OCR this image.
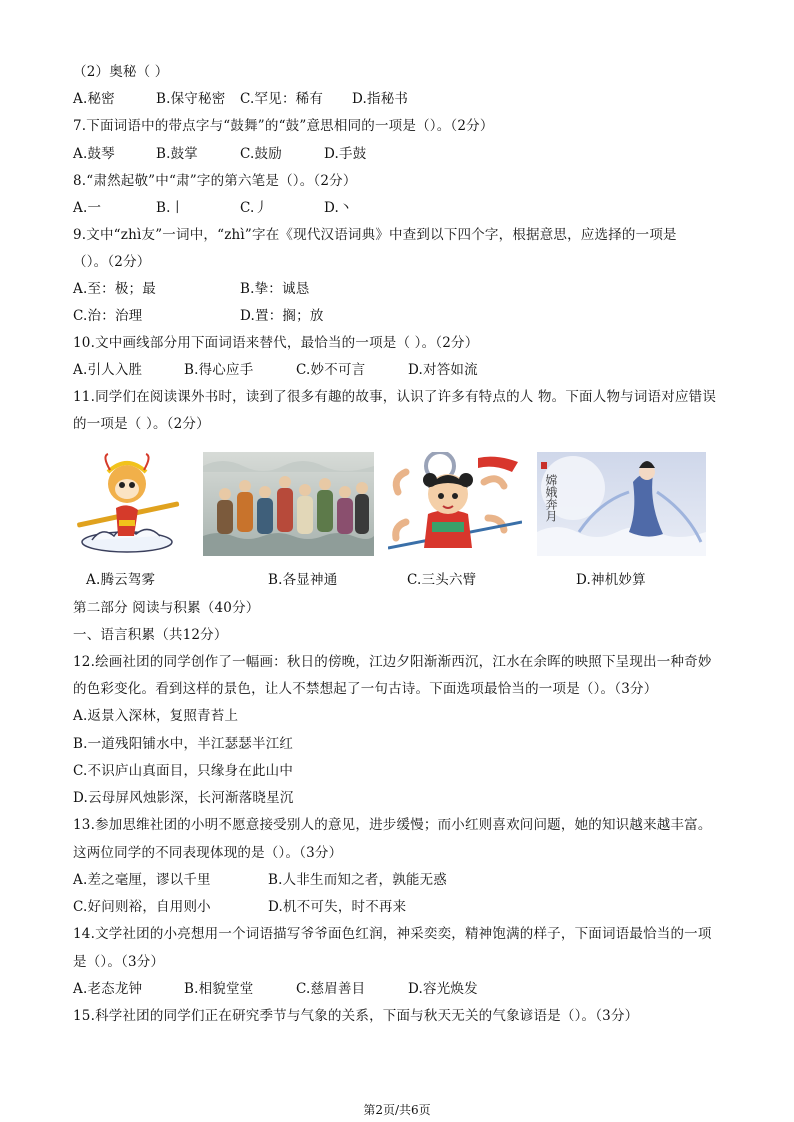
（2）奥秘（ ）
A.秘密	B.保守秘密 C.罕见：稀有 D.指秘书
7.下面词语中的带点字与“鼓舞”的“鼓”意思相同的一项是（）。（2分）
A.鼓琴	B.鼓掌	C.鼓励	D.手鼓
8.“肃然起敬”中“肃”字的第六笔是（）。（2分）
A.一	B.丨	C.丿	D.丶
9.文中“zhì友”一词中，“zhì”字在《现代汉语词典》中查到以下四个字，根据意思，应选择的一项是
（）。（2分）
A.至：极；最	B.挚：诚恳
C.治：治理	D.置：搁；放
10.文中画线部分用下面词语来替代，最恰当的一项是（ ）。（2分）
A.引人入胜	B.得心应手	C.妙不可言	D.对答如流
11.同学们在阅读课外书时，读到了很多有趣的故事，认识了许多有特点的人 物。下面人物与词语对应错误
的一项是（ ）。（2分）
嫦娥奔月
A.腾云驾雾	B.各显神通	C.三头六臂	D.神机妙算
第二部分 阅读与积累（40分）
一、语言积累（共12分）
12.绘画社团的同学创作了一幅画：秋日的傍晚，江边夕阳渐渐西沉，江水在余晖的映照下呈现出一种奇妙
的色彩变化。看到这样的景色，让人不禁想起了一句古诗。下面选项最恰当的一项是（）。（3分）
A.返景入深林，复照青苔上
B.一道残阳铺水中，半江瑟瑟半江红
C.不识庐山真面目，只缘身在此山中
D.云母屏风烛影深，长河渐落晓星沉
13.参加思维社团的小明不愿意接受别人的意见，进步缓慢；而小红则喜欢问问题，她的知识越来越丰富。
这两位同学的不同表现体现的是（）。（3分）
A.差之毫厘，谬以千里	B.人非生而知之者，孰能无惑
C.好问则裕，自用则小	D.机不可失，时不再来
14.文学社团的小亮想用一个词语描写爷爷面色红润，神采奕奕，精神饱满的样子，下面词语最恰当的一项
是（）。（3分）
A.老态龙钟	B.相貌堂堂	C.慈眉善目	D.容光焕发
15.科学社团的同学们正在研究季节与气象的关系，下面与秋天无关的气象谚语是（）。（3分）
第2页/共6页
